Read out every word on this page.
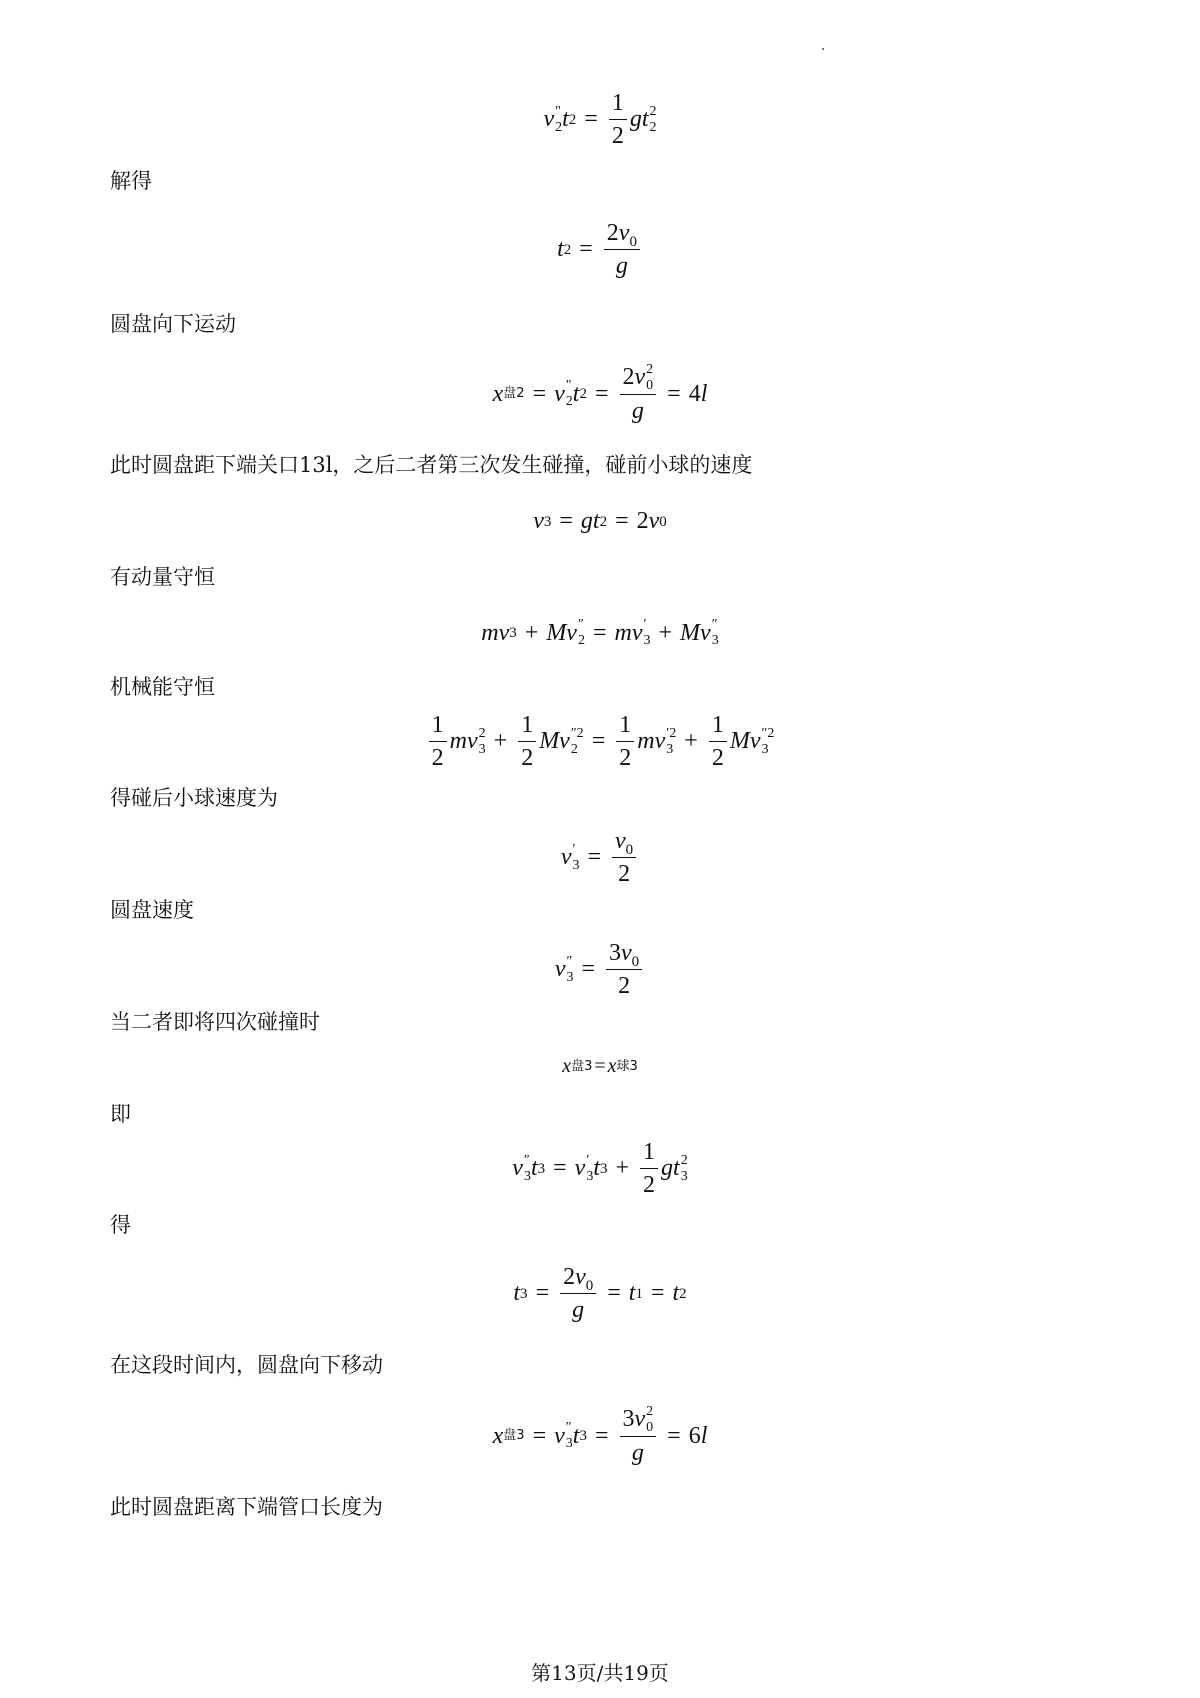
v "
2 t $2 = \frac{1}{2}$ gt 2
2
解得
t $2 = \frac{2v_0}{g}$
圆盘向下运动
x 盘2 = v "
2 t 2 = 2v 2
0
g = 4 l
此时圆盘距下端关口13l，之后二者第三次发生碰撞，碰前小球的速度
v 3 = gt 2 = 2 v 0
有动量守恒
mv 3 + Mv ″
2 = mv ′
3 + Mv ″
3
机械能守恒
$\frac{1}{2}$ mv 2
$3 + \frac{1}{2}$ Mv ″2
$2 = \frac{1}{2}$ mv ′2
$3 + \frac{1}{2}$ Mv ″2
3
得碰后小球速度为
v ′
$3 = \frac{v_0}{2}$
圆盘速度
v ″
$3 = \frac{3v_0}{2}$
当二者即将四次碰撞时
x 盘3 = x 球3
即
v ″
3 t 3 = v ′
3 t $3 + \frac{1}{2}$ gt 2
3
得
t $3 = \frac{2v_0}{g} = t$ 1 = t 2
在这段时间内，圆盘向下移动
x 盘3 = v ″
3 t 3 = 3v 2
0
g = 6 l
此时圆盘距离下端管口长度为
第13页/共19页
